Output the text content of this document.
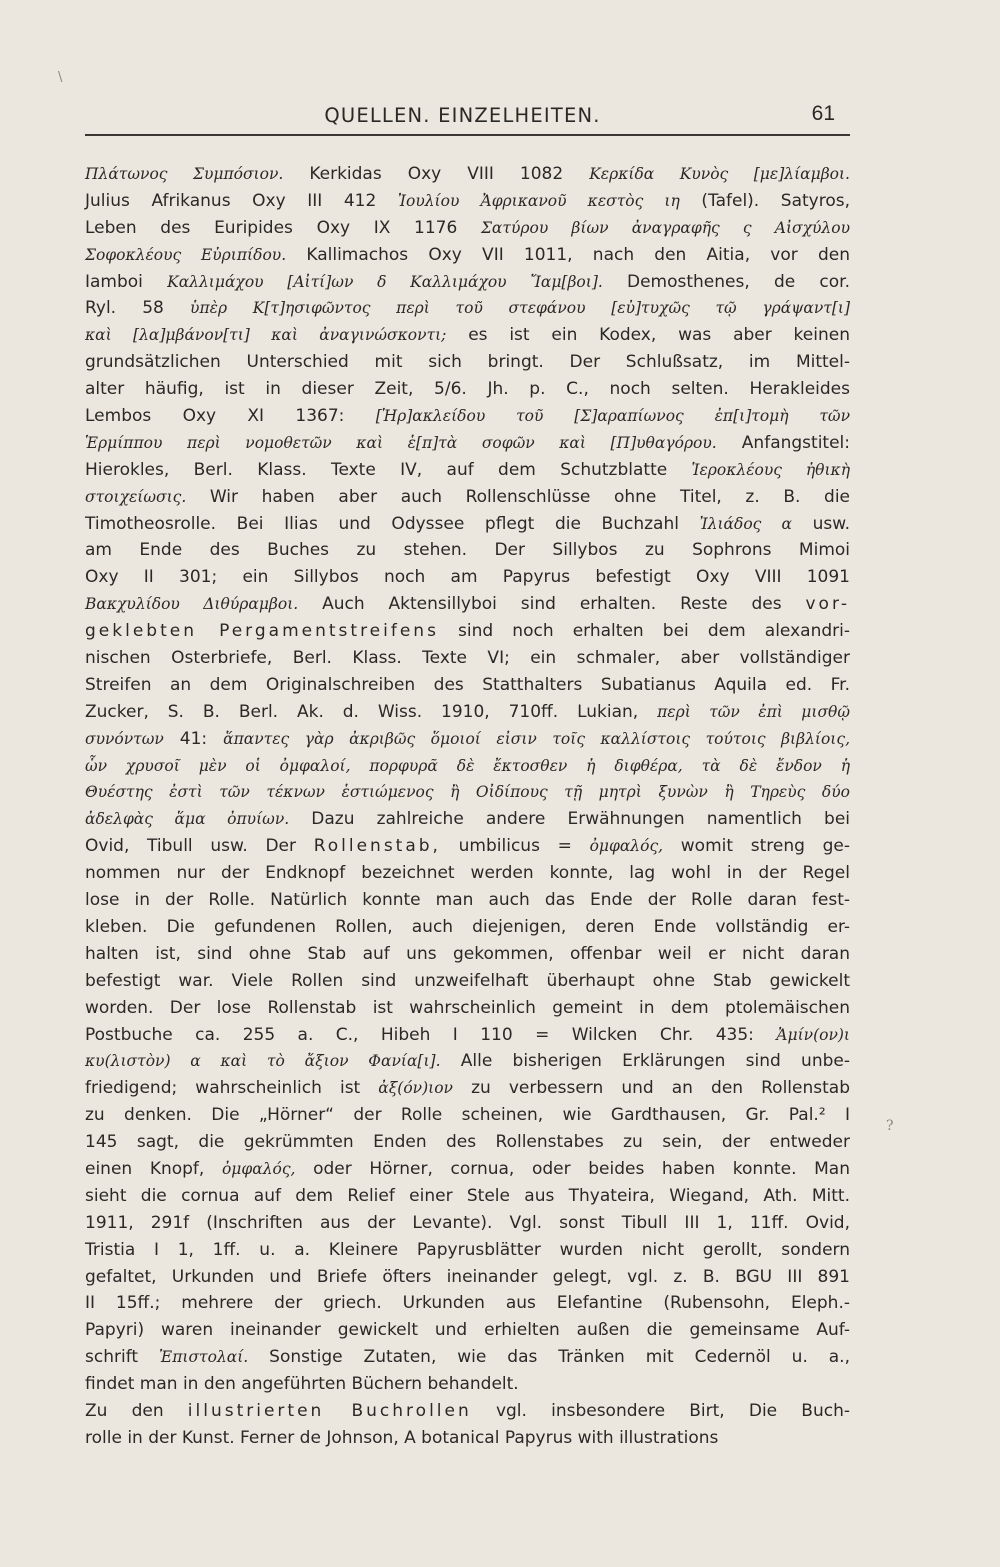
\
QUELLEN. EINZELHEITEN.	61
Πλάτωνος Συμπόσιον. Kerkidas Oxy VIII 1082 Κερκίδα Κυνὸς [με]λίαμβοι.
Julius Afrikanus Oxy III 412 Ἰουλίου Ἀφρικανοῦ κεστὸς ιη (Tafel). Satyros,
Leben des Euripides Oxy IX 1176 Σατύρου βίων ἀναγραφῆς ς Αἰσχύλου
Σοφοκλέους Εὐριπίδου. Kallimachos Oxy VII 1011, nach den Aitia, vor den
Iamboi Καλλιμάχου [Αἰτί]ων δ Καλλιμάχου Ἴαμ[βοι]. Demosthenes, de cor.
Ryl. 58 ὑπὲρ Κ[τ]ησιφῶντος περὶ τοῦ στεφάνου [εὐ]τυχῶς τῷ γράψαντ[ι]
καὶ [λα]μβάνον[τι] καὶ ἀναγινώσκοντι; es ist ein Kodex, was aber keinen
grundsätzlichen Unterschied mit sich bringt. Der Schlußsatz, im Mittel-
alter häufig, ist in dieser Zeit, 5/6. Jh. p. C., noch selten. Herakleides
Lembos Oxy XI 1367: [Ἡρ]ακλείδου τοῦ [Σ]αραπίωνος ἐπ[ι]τομὴ τῶν
Ἑρμίππου περὶ νομοθετῶν καὶ ἑ[π]τὰ σοφῶν καὶ [Π]υθαγόρου. Anfangstitel:
Hierokles, Berl. Klass. Texte IV, auf dem Schutzblatte Ἱεροκλέους ἠθικὴ
στοιχείωσις. Wir haben aber auch Rollenschlüsse ohne Titel, z. B. die
Timotheosrolle. Bei Ilias und Odyssee pflegt die Buchzahl Ἰλιάδος α usw.
am Ende des Buches zu stehen. Der Sillybos zu Sophrons Mimoi
Oxy II 301; ein Sillybos noch am Papyrus befestigt Oxy VIII 1091
Βακχυλίδου Διθύραμβοι. Auch Aktensillyboi sind erhalten. Reste des vor-
geklebten Pergamentstreifens sind noch erhalten bei dem alexandri-
nischen Osterbriefe, Berl. Klass. Texte VI; ein schmaler, aber vollständiger
Streifen an dem Originalschreiben des Statthalters Subatianus Aquila ed. Fr.
Zucker, S. B. Berl. Ak. d. Wiss. 1910, 710ff. Lukian, περὶ τῶν ἐπὶ μισθῷ
συνόντων 41: ἅπαντες γὰρ ἀκριβῶς ὅμοιοί εἰσιν τοῖς καλλίστοις τούτοις βιβλίοις,
ὧν χρυσοῖ μὲν οἱ ὀμφαλοί, πορφυρᾶ δὲ ἔκτοσθεν ἡ διφθέρα, τὰ δὲ ἔνδον ἡ
Θυέστης ἐστὶ τῶν τέκνων ἑστιώμενος ἢ Οἰδίπους τῇ μητρὶ ξυνὼν ἢ Τηρεὺς δύο
ἀδελφὰς ἅμα ὀπυίων. Dazu zahlreiche andere Erwähnungen namentlich bei
Ovid, Tibull usw. Der Rollenstab, umbilicus = ὀμφαλός, womit streng ge-
nommen nur der Endknopf bezeichnet werden konnte, lag wohl in der Regel
lose in der Rolle. Natürlich konnte man auch das Ende der Rolle daran fest-
kleben. Die gefundenen Rollen, auch diejenigen, deren Ende vollständig er-
halten ist, sind ohne Stab auf uns gekommen, offenbar weil er nicht daran
befestigt war. Viele Rollen sind unzweifelhaft überhaupt ohne Stab gewickelt
worden. Der lose Rollenstab ist wahrscheinlich gemeint in dem ptolemäischen
Postbuche ca. 255 a. C., Hibeh I 110 = Wilcken Chr. 435: Ἀμίν(ον)ι
κυ(λιστὸν) α καὶ τὸ ἄξιον Φανία[ι]. Alle bisherigen Erklärungen sind unbe-
friedigend; wahrscheinlich ist ἀξ(όν)ιον zu verbessern und an den Rollenstab
zu denken. Die „Hörner“ der Rolle scheinen, wie Gardthausen, Gr. Pal.² I
145 sagt, die gekrümmten Enden des Rollenstabes zu sein, der entweder
einen Knopf, ὀμφαλός, oder Hörner, cornua, oder beides haben konnte. Man
sieht die cornua auf dem Relief einer Stele aus Thyateira, Wiegand, Ath. Mitt.
1911, 291f (Inschriften aus der Levante). Vgl. sonst Tibull III 1, 11ff. Ovid,
Tristia I 1, 1ff. u. a. Kleinere Papyrusblätter wurden nicht gerollt, sondern
gefaltet, Urkunden und Briefe öfters ineinander gelegt, vgl. z. B. BGU III 891
II 15ff.; mehrere der griech. Urkunden aus Elefantine (Rubensohn, Eleph.-
Papyri) waren ineinander gewickelt und erhielten außen die gemeinsame Auf-
schrift Ἐπιστολαί. Sonstige Zutaten, wie das Tränken mit Cedernöl u. a.,
findet man in den angeführten Büchern behandelt.
Zu den illustrierten Buchrollen vgl. insbesondere Birt, Die Buch-
rolle in der Kunst. Ferner de Johnson, A botanical Papyrus with illustrations
?
